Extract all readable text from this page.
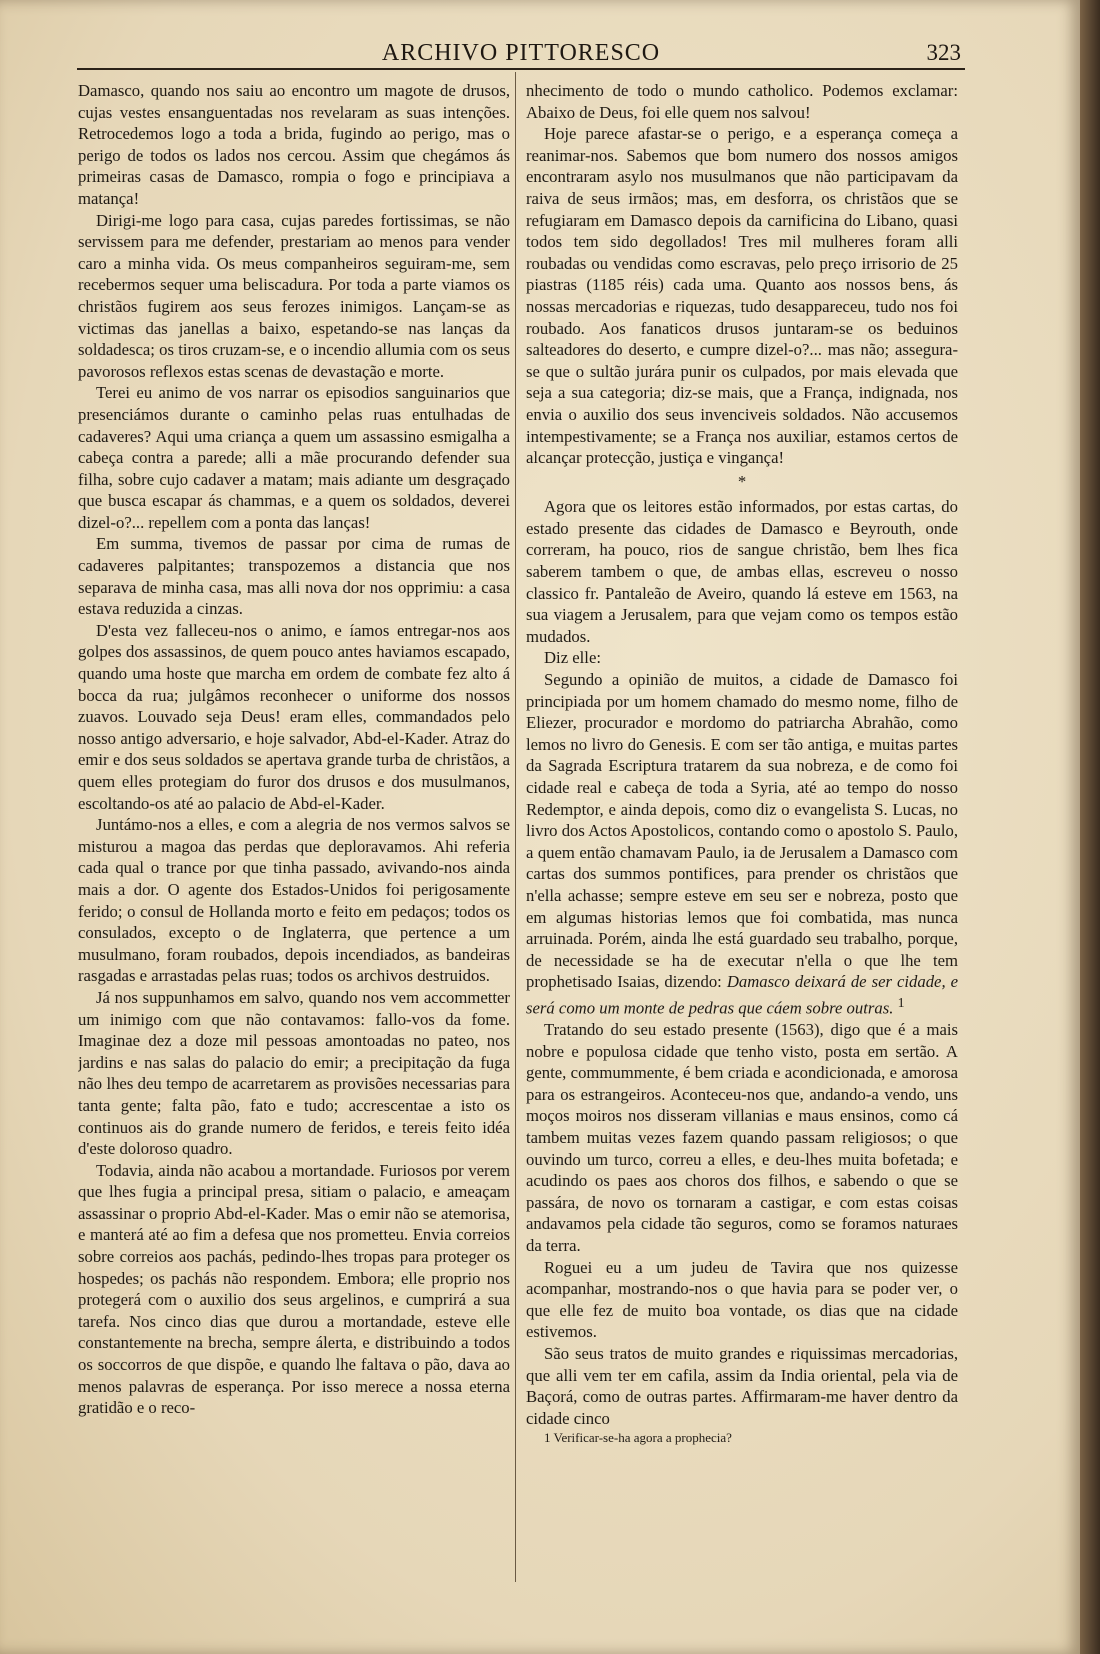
ARCHIVO PITTORESCO	323

Damasco, quando nos saiu ao encontro um magote de drusos, cujas vestes ensanguentadas nos revelaram as suas intenções. Retrocedemos logo a toda a brida, fugindo ao perigo, mas o perigo de todos os lados nos cercou. Assim que chegámos ás primeiras casas de Damasco, rompia o fogo e principiava a matança!

Dirigi-me logo para casa, cujas paredes fortissimas, se não servissem para me defender, prestariam ao menos para vender caro a minha vida. Os meus companheiros seguiram-me, sem recebermos sequer uma beliscadura. Por toda a parte viamos os christãos fugirem aos seus ferozes inimigos. Lançam-se as victimas das janellas a baixo, espetando-se nas lanças da soldadesca; os tiros cruzam-se, e o incendio allumia com os seus pavorosos reflexos estas scenas de devastação e morte.

Terei eu animo de vos narrar os episodios sanguinarios que presenciámos durante o caminho pelas ruas entulhadas de cadaveres? Aqui uma criança a quem um assassino esmigalha a cabeça contra a parede; alli a mãe procurando defender sua filha, sobre cujo cadaver a matam; mais adiante um desgraçado que busca escapar ás chammas, e a quem os soldados, deverei dizel-o?... repellem com a ponta das lanças!

Em summa, tivemos de passar por cima de rumas de cadaveres palpitantes; transpozemos a distancia que nos separava de minha casa, mas alli nova dor nos opprimiu: a casa estava reduzida a cinzas.

D'esta vez falleceu-nos o animo, e íamos entregar-nos aos golpes dos assassinos, de quem pouco antes haviamos escapado, quando uma hoste que marcha em ordem de combate fez alto á bocca da rua; julgâmos reconhecer o uniforme dos nossos zuavos. Louvado seja Deus! eram elles, commandados pelo nosso antigo adversario, e hoje salvador, Abd-el-Kader. Atraz do emir e dos seus soldados se apertava grande turba de christãos, a quem elles protegiam do furor dos drusos e dos musulmanos, escoltando-os até ao palacio de Abd-el-Kader.

Juntámo-nos a elles, e com a alegria de nos vermos salvos se misturou a magoa das perdas que deploravamos. Ahi referia cada qual o trance por que tinha passado, avivando-nos ainda mais a dor. O agente dos Estados-Unidos foi perigosamente ferido; o consul de Hollanda morto e feito em pedaços; todos os consulados, excepto o de Inglaterra, que pertence a um musulmano, foram roubados, depois incendiados, as bandeiras rasgadas e arrastadas pelas ruas; todos os archivos destruidos.

Já nos suppunhamos em salvo, quando nos vem accommetter um inimigo com que não contavamos: fallo-vos da fome. Imaginae dez a doze mil pessoas amontoadas no pateo, nos jardins e nas salas do palacio do emir; a precipitação da fuga não lhes deu tempo de acarretarem as provisões necessarias para tanta gente; falta pão, fato e tudo; accrescentae a isto os continuos ais do grande numero de feridos, e tereis feito idéa d'este doloroso quadro.

Todavia, ainda não acabou a mortandade. Furiosos por verem que lhes fugia a principal presa, sitiam o palacio, e ameaçam assassinar o proprio Abd-el-Kader. Mas o emir não se atemorisa, e manterá até ao fim a defesa que nos prometteu. Envia correios sobre correios aos pachás, pedindo-lhes tropas para proteger os hospedes; os pachás não respondem. Embora; elle proprio nos protegerá com o auxilio dos seus argelinos, e cumprirá a sua tarefa. Nos cinco dias que durou a mortandade, esteve elle constantemente na brecha, sempre álerta, e distribuindo a todos os soccorros de que dispõe, e quando lhe faltava o pão, dava ao menos palavras de esperança. Por isso merece a nossa eterna gratidão e o reco-

nhecimento de todo o mundo catholico. Podemos exclamar: Abaixo de Deus, foi elle quem nos salvou!

Hoje parece afastar-se o perigo, e a esperança começa a reanimar-nos. Sabemos que bom numero dos nossos amigos encontraram asylo nos musulmanos que não participavam da raiva de seus irmãos; mas, em desforra, os christãos que se refugiaram em Damasco depois da carnificina do Libano, quasi todos tem sido degollados! Tres mil mulheres foram alli roubadas ou vendidas como escravas, pelo preço irrisorio de 25 piastras (1185 réis) cada uma. Quanto aos nossos bens, ás nossas mercadorias e riquezas, tudo desappareceu, tudo nos foi roubado. Aos fanaticos drusos juntaram-se os beduinos salteadores do deserto, e cumpre dizel-o?... mas não; assegura-se que o sultão jurára punir os culpados, por mais elevada que seja a sua categoria; diz-se mais, que a França, indignada, nos envia o auxilio dos seus invenciveis soldados. Não accusemos intempestivamente; se a França nos auxiliar, estamos certos de alcançar protecção, justiça e vingança!

*

Agora que os leitores estão informados, por estas cartas, do estado presente das cidades de Damasco e Beyrouth, onde correram, ha pouco, rios de sangue christão, bem lhes fica saberem tambem o que, de ambas ellas, escreveu o nosso classico fr. Pantaleão de Aveiro, quando lá esteve em 1563, na sua viagem a Jerusalem, para que vejam como os tempos estão mudados.

Diz elle:

Segundo a opinião de muitos, a cidade de Damasco foi principiada por um homem chamado do mesmo nome, filho de Eliezer, procurador e mordomo do patriarcha Abrahão, como lemos no livro do Genesis. E com ser tão antiga, e muitas partes da Sagrada Escriptura tratarem da sua nobreza, e de como foi cidade real e cabeça de toda a Syria, até ao tempo do nosso Redemptor, e ainda depois, como diz o evangelista S. Lucas, no livro dos Actos Apostolicos, contando como o apostolo S. Paulo, a quem então chamavam Paulo, ia de Jerusalem a Damasco com cartas dos summos pontifices, para prender os christãos que n'ella achasse; sempre esteve em seu ser e nobreza, posto que em algumas historias lemos que foi combatida, mas nunca arruinada. Porém, ainda lhe está guardado seu trabalho, porque, de necessidade se ha de executar n'ella o que lhe tem prophetisado Isaias, dizendo: Damasco deixará de ser cidade, e será como um monte de pedras que cáem sobre outras. $^1$

Tratando do seu estado presente (1563), digo que é a mais nobre e populosa cidade que tenho visto, posta em sertão. A gente, commummente, é bem criada e acondicionada, e amorosa para os estrangeiros. Aconteceu-nos que, andando-a vendo, uns moços moiros nos disseram villanias e maus ensinos, como cá tambem muitas vezes fazem quando passam religiosos; o que ouvindo um turco, correu a elles, e deu-lhes muita bofetada; e acudindo os paes aos choros dos filhos, e sabendo o que se passára, de novo os tornaram a castigar, e com estas coisas andavamos pela cidade tão seguros, como se foramos naturaes da terra.

Roguei eu a um judeu de Tavira que nos quizesse acompanhar, mostrando-nos o que havia para se poder ver, o que elle fez de muito boa vontade, os dias que na cidade estivemos.

São seus tratos de muito grandes e riquissimas mercadorias, que alli vem ter em cafila, assim da India oriental, pela via de Baçorá, como de outras partes. Affirmaram-me haver dentro da cidade cinco

1 Verificar-se-ha agora a prophecia?
